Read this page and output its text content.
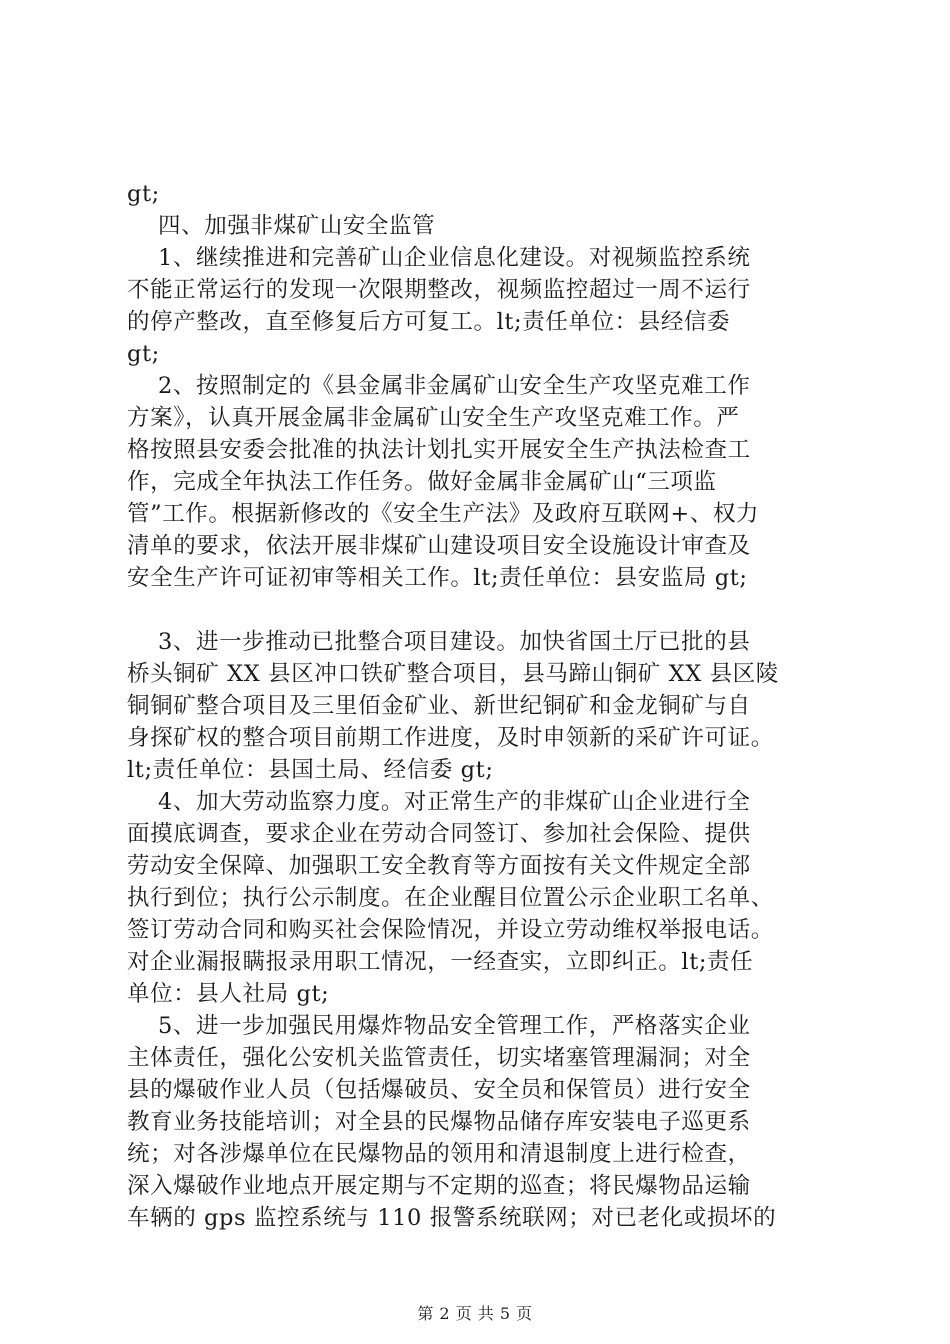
gt;

四、加强非煤矿山安全监管

1、继续推进和完善矿山企业信息化建设。对视频监控系统

不能正常运行的发现一次限期整改，视频监控超过一周不运行

的停产整改，直至修复后方可复工。lt;责任单位：县经信委

gt;

2、按照制定的《县金属非金属矿山安全生产攻坚克难工作

方案》，认真开展金属非金属矿山安全生产攻坚克难工作。严

格按照县安委会批准的执法计划扎实开展安全生产执法检查工

作，完成全年执法工作任务。做好金属非金属矿山“三项监

管”工作。根据新修改的《安全生产法》及政府互联网+、权力

清单的要求，依法开展非煤矿山建设项目安全设施设计审查及

安全生产许可证初审等相关工作。lt;责任单位：县安监局 gt;

3、进一步推动已批整合项目建设。加快省国土厅已批的县

桥头铜矿 XX 县区冲口铁矿整合项目，县马蹄山铜矿 XX 县区陵

铜铜矿整合项目及三里佰金矿业、新世纪铜矿和金龙铜矿与自

身探矿权的整合项目前期工作进度，及时申领新的采矿许可证。

lt;责任单位：县国土局、经信委 gt;

4、加大劳动监察力度。对正常生产的非煤矿山企业进行全

面摸底调查，要求企业在劳动合同签订、参加社会保险、提供

劳动安全保障、加强职工安全教育等方面按有关文件规定全部

执行到位；执行公示制度。在企业醒目位置公示企业职工名单、

签订劳动合同和购买社会保险情况，并设立劳动维权举报电话。

对企业漏报瞒报录用职工情况，一经查实，立即纠正。lt;责任

单位：县人社局 gt;

5、进一步加强民用爆炸物品安全管理工作，严格落实企业

主体责任，强化公安机关监管责任，切实堵塞管理漏洞；对全

县的爆破作业人员（包括爆破员、安全员和保管员）进行安全

教育业务技能培训；对全县的民爆物品储存库安装电子巡更系

统；对各涉爆单位在民爆物品的领用和清退制度上进行检查，

深入爆破作业地点开展定期与不定期的巡查；将民爆物品运输

车辆的 gps 监控系统与 110 报警系统联网；对已老化或损坏的

第 2 页 共 5 页
